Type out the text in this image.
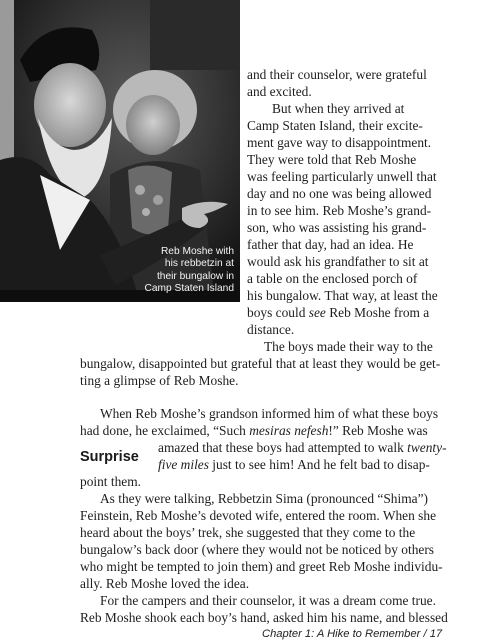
Reb Moshe with
his rebbetzin at
their bungalow in
Camp Staten Island
and their counselor, were grateful
and excited.
But when they arrived at
Camp Staten Island, their excite-
ment gave way to disappointment.
They were told that Reb Moshe
was feeling particularly unwell that
day and no one was being allowed
in to see him. Reb Moshe’s grand-
son, who was assisting his grand-
father that day, had an idea. He
would ask his grandfather to sit at
a table on the enclosed porch of
his bungalow. That way, at least the
boys could see Reb Moshe from a
distance.
The boys made their way to the
bungalow, disappointed but grateful that at least they would be get-
ting a glimpse of Reb Moshe.
When Reb Moshe’s grandson informed him of what these boys
had done, he exclaimed, “Such mesiras nefesh!” Reb Moshe was
Surprise
amazed that these boys had attempted to walk twenty-
five miles just to see him! And he felt bad to disap-
point them.
As they were talking, Rebbetzin Sima (pronounced “Shima”)
Feinstein, Reb Moshe’s devoted wife, entered the room. When she
heard about the boys’ trek, she suggested that they come to the
bungalow’s back door (where they would not be noticed by others
who might be tempted to join them) and greet Reb Moshe individu-
ally. Reb Moshe loved the idea.
For the campers and their counselor, it was a dream come true.
Reb Moshe shook each boy’s hand, asked him his name, and blessed
Chapter 1: A Hike to Remember / 17
